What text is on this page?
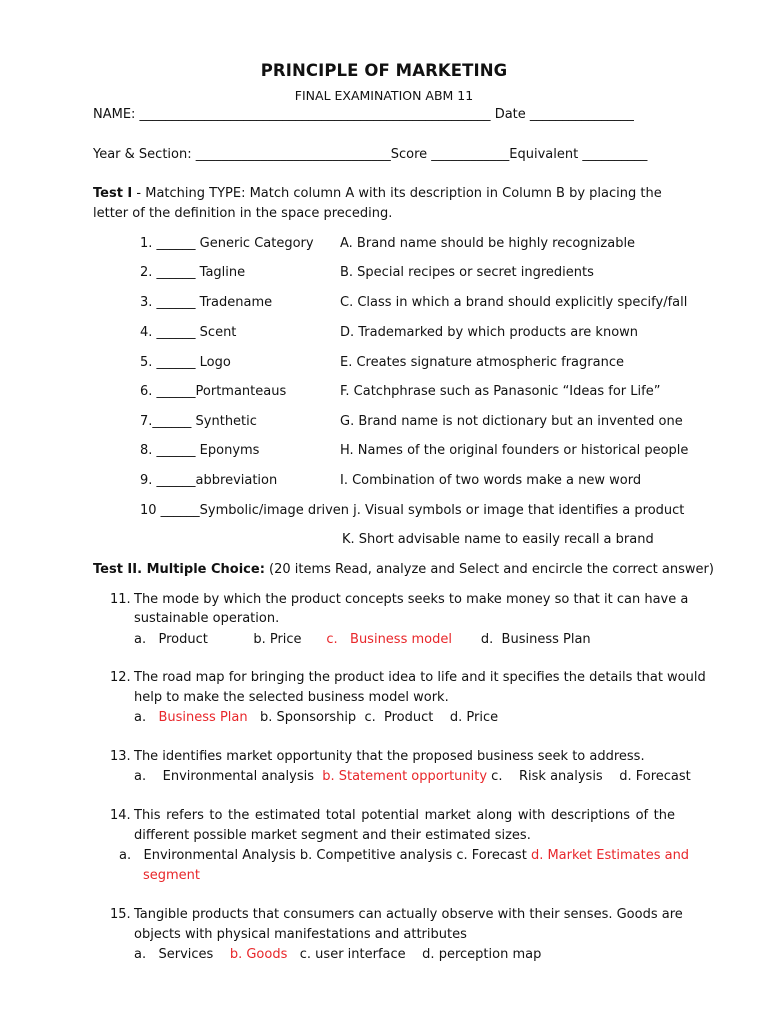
PRINCIPLE OF MARKETING
FINAL EXAMINATION ABM 11
NAME: ______________________________________________________ Date ________________
Year & Section: ______________________________Score ____________Equivalent __________
Test I - Matching TYPE: Match column A with its description in Column B by placing the
letter of the definition in the space preceding.
1. ______ Generic Category A. Brand name should be highly recognizable
2. ______ Tagline	B. Special recipes or secret ingredients
3. ______ Tradename	C. Class in which a brand should explicitly specify/fall
4. ______ Scent	D. Trademarked by which products are known
5. ______ Logo	E. Creates signature atmospheric fragrance
6. ______Portmanteaus	F. Catchphrase such as Panasonic “Ideas for Life”
7.______ Synthetic	G. Brand name is not dictionary but an invented one
8. ______ Eponyms	H. Names of the original founders or historical people
9. ______abbreviation	I. Combination of two words make a new word
10 ______Symbolic/image driven j. Visual symbols or image that identifies a product
K. Short advisable name to easily recall a brand
Test II. Multiple Choice: (20 items Read, analyze and Select and encircle the correct answer)
11. The mode by which the product concepts seeks to make money so that it can have a
sustainable operation.
a.   Product           b. Price      c.   Business model       d.  Business Plan
12. The road map for bringing the product idea to life and it specifies the details that would
help to make the selected business model work.
a.   Business Plan   b. Sponsorship  c.  Product    d. Price
13. The identifies market opportunity that the proposed business seek to address.
a.    Environmental analysis  b. Statement opportunity c.    Risk analysis    d. Forecast
14. This refers to the estimated total potential market along with descriptions of the
different possible market segment and their estimated sizes.
a.   Environmental Analysis b. Competitive analysis c. Forecast d. Market Estimates and
segment
15. Tangible products that consumers can actually observe with their senses. Goods are
objects with physical manifestations and attributes
a.   Services    b. Goods   c. user interface    d. perception map
